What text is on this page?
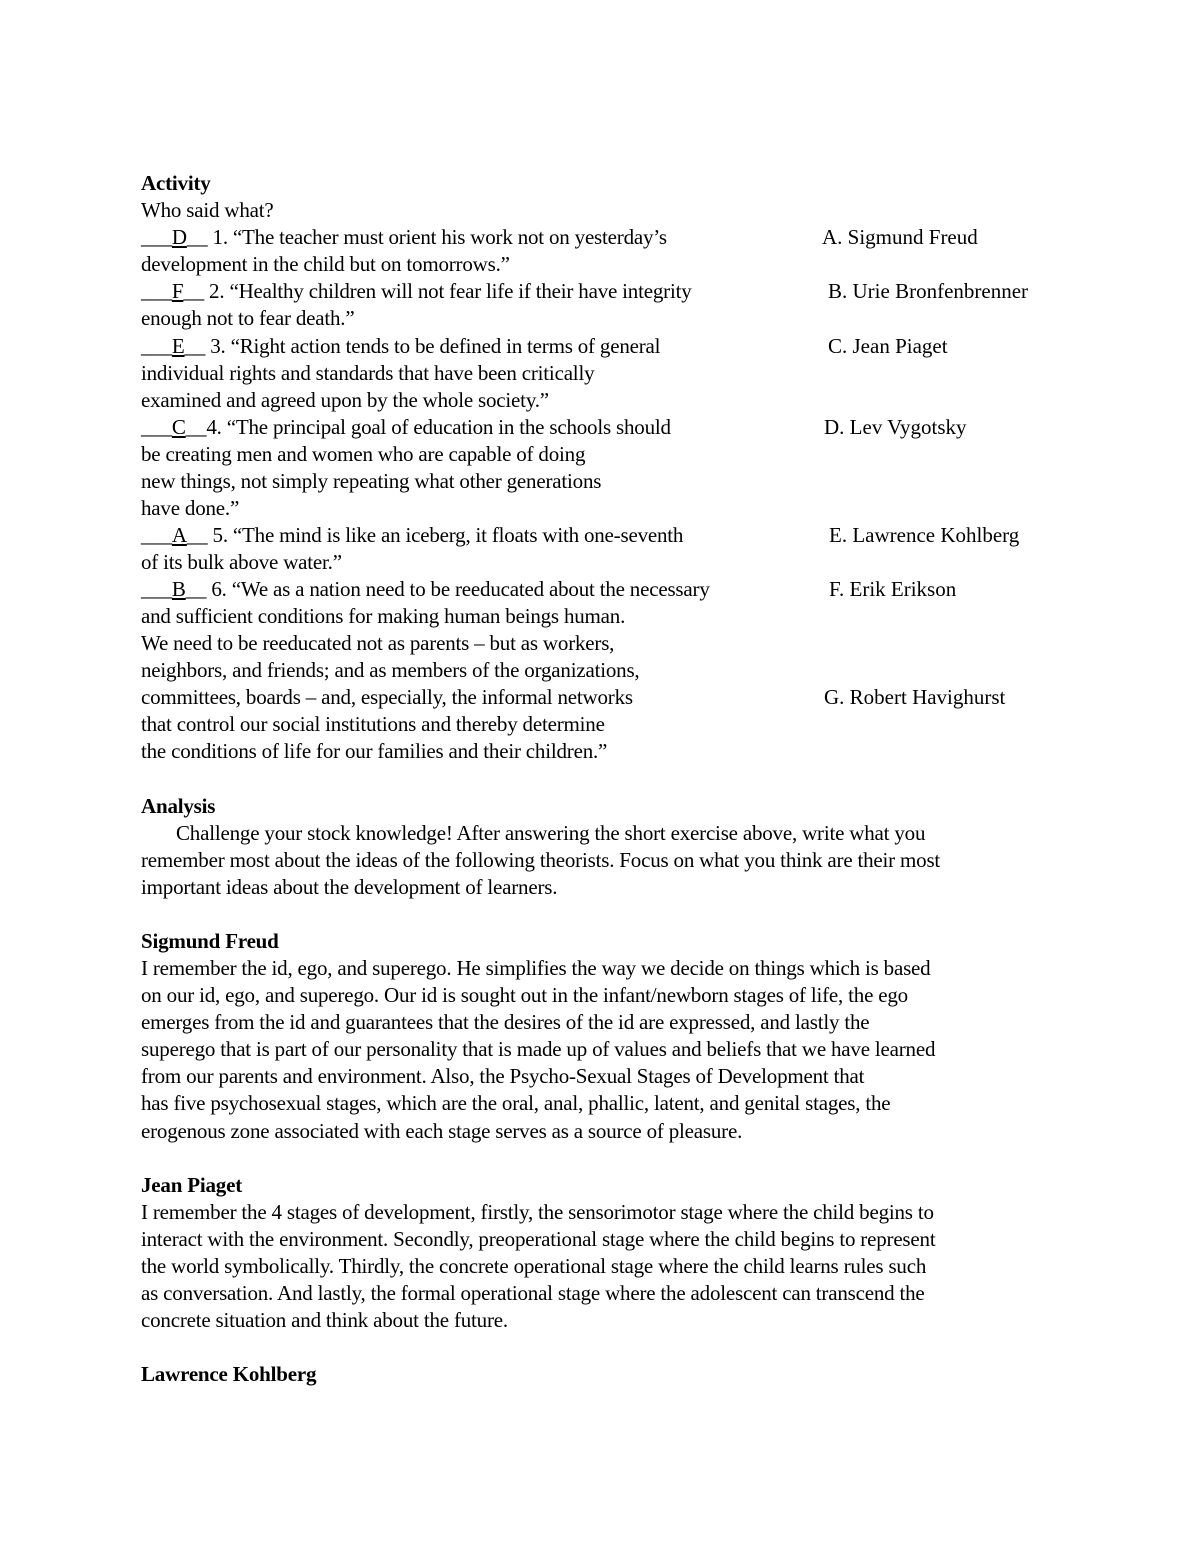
Activity
Who said what?
___D__ 1. “The teacher must orient his work not on yesterday’s
development in the child but on tomorrows.”
___F__ 2. “Healthy children will not fear life if their have integrity
enough not to fear death.”
___E__ 3. “Right action tends to be defined in terms of general
individual rights and standards that have been critically
examined and agreed upon by the whole society.”
___C__4. “The principal goal of education in the schools should
be creating men and women who are capable of doing
new things, not simply repeating what other generations
have done.”
___A__ 5. “The mind is like an iceberg, it floats with one-seventh
of its bulk above water.”
___B__ 6. “We as a nation need to be reeducated about the necessary
and sufficient conditions for making human beings human.
We need to be reeducated not as parents – but as workers,
neighbors, and friends; and as members of the organizations,
committees, boards – and, especially, the informal networks
that control our social institutions and thereby determine
the conditions of life for our families and their children.”
A. Sigmund Freud
B. Urie Bronfenbrenner
C. Jean Piaget
D. Lev Vygotsky
E. Lawrence Kohlberg
F. Erik Erikson
G. Robert Havighurst
Analysis
Challenge your stock knowledge! After answering the short exercise above, write what you
remember most about the ideas of the following theorists. Focus on what you think are their most
important ideas about the development of learners.
Sigmund Freud
I remember the id, ego, and superego. He simplifies the way we decide on things which is based
on our id, ego, and superego. Our id is sought out in the infant/newborn stages of life, the ego
emerges from the id and guarantees that the desires of the id are expressed, and lastly the
superego that is part of our personality that is made up of values and beliefs that we have learned
from our parents and environment. Also, the Psycho-Sexual Stages of Development that
has five psychosexual stages, which are the oral, anal, phallic, latent, and genital stages, the
erogenous zone associated with each stage serves as a source of pleasure.
Jean Piaget
I remember the 4 stages of development, firstly, the sensorimotor stage where the child begins to
interact with the environment. Secondly, preoperational stage where the child begins to represent
the world symbolically. Thirdly, the concrete operational stage where the child learns rules such
as conversation. And lastly, the formal operational stage where the adolescent can transcend the
concrete situation and think about the future.
Lawrence Kohlberg
